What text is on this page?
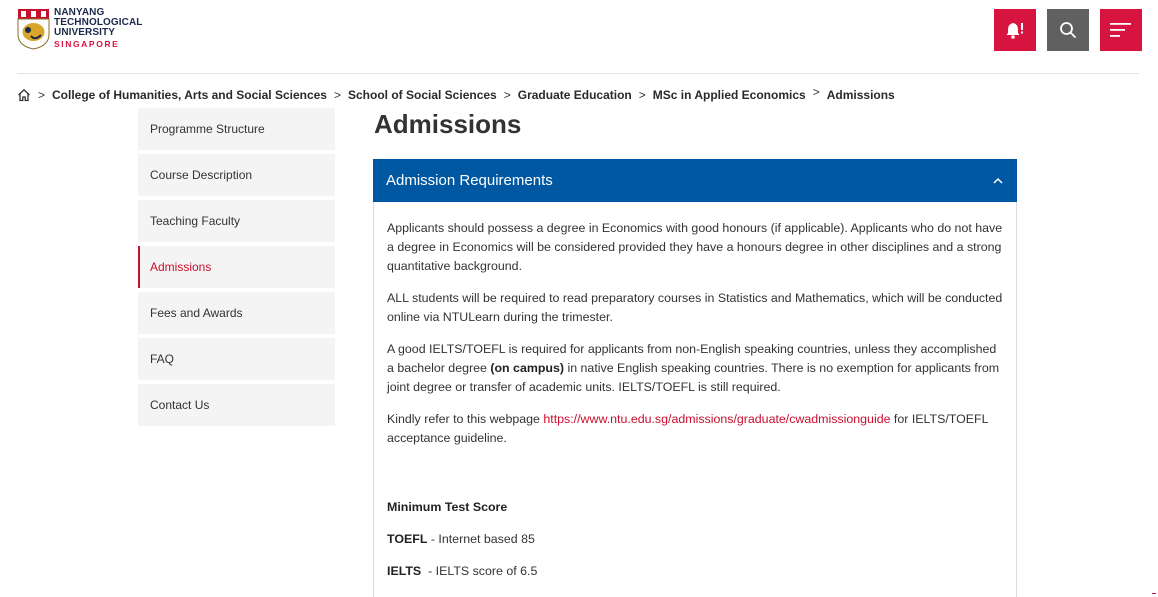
NANYANG
TECHNOLOGICAL
UNIVERSITY
SINGAPORE
> College of Humanities, Arts and Social Sciences > School of Social Sciences > Graduate Education > MSc in Applied Economics > Admissions
Programme Structure
Course Description
Teaching Faculty
Admissions
Fees and Awards
FAQ
Contact Us
Admissions
Admission Requirements

Applicants should possess a degree in Economics with good honours (if applicable). Applicants who do not have a degree in Economics will be considered provided they have a honours degree in other disciplines and a strong quantitative background.

ALL students will be required to read preparatory courses in Statistics and Mathematics, which will be conducted online via NTULearn during the trimester.

A good IELTS/TOEFL is required for applicants from non-English speaking countries, unless they accomplished a bachelor degree (on campus) in native English speaking countries. There is no exemption for applicants from joint degree or transfer of academic units. IELTS/TOEFL is still required.

Kindly refer to this webpage https://www.ntu.edu.sg/admissions/graduate/cwadmissionguide for IELTS/TOEFL acceptance guideline.

Minimum Test Score

TOEFL - Internet based 85

IELTS  - IELTS score of 6.5
